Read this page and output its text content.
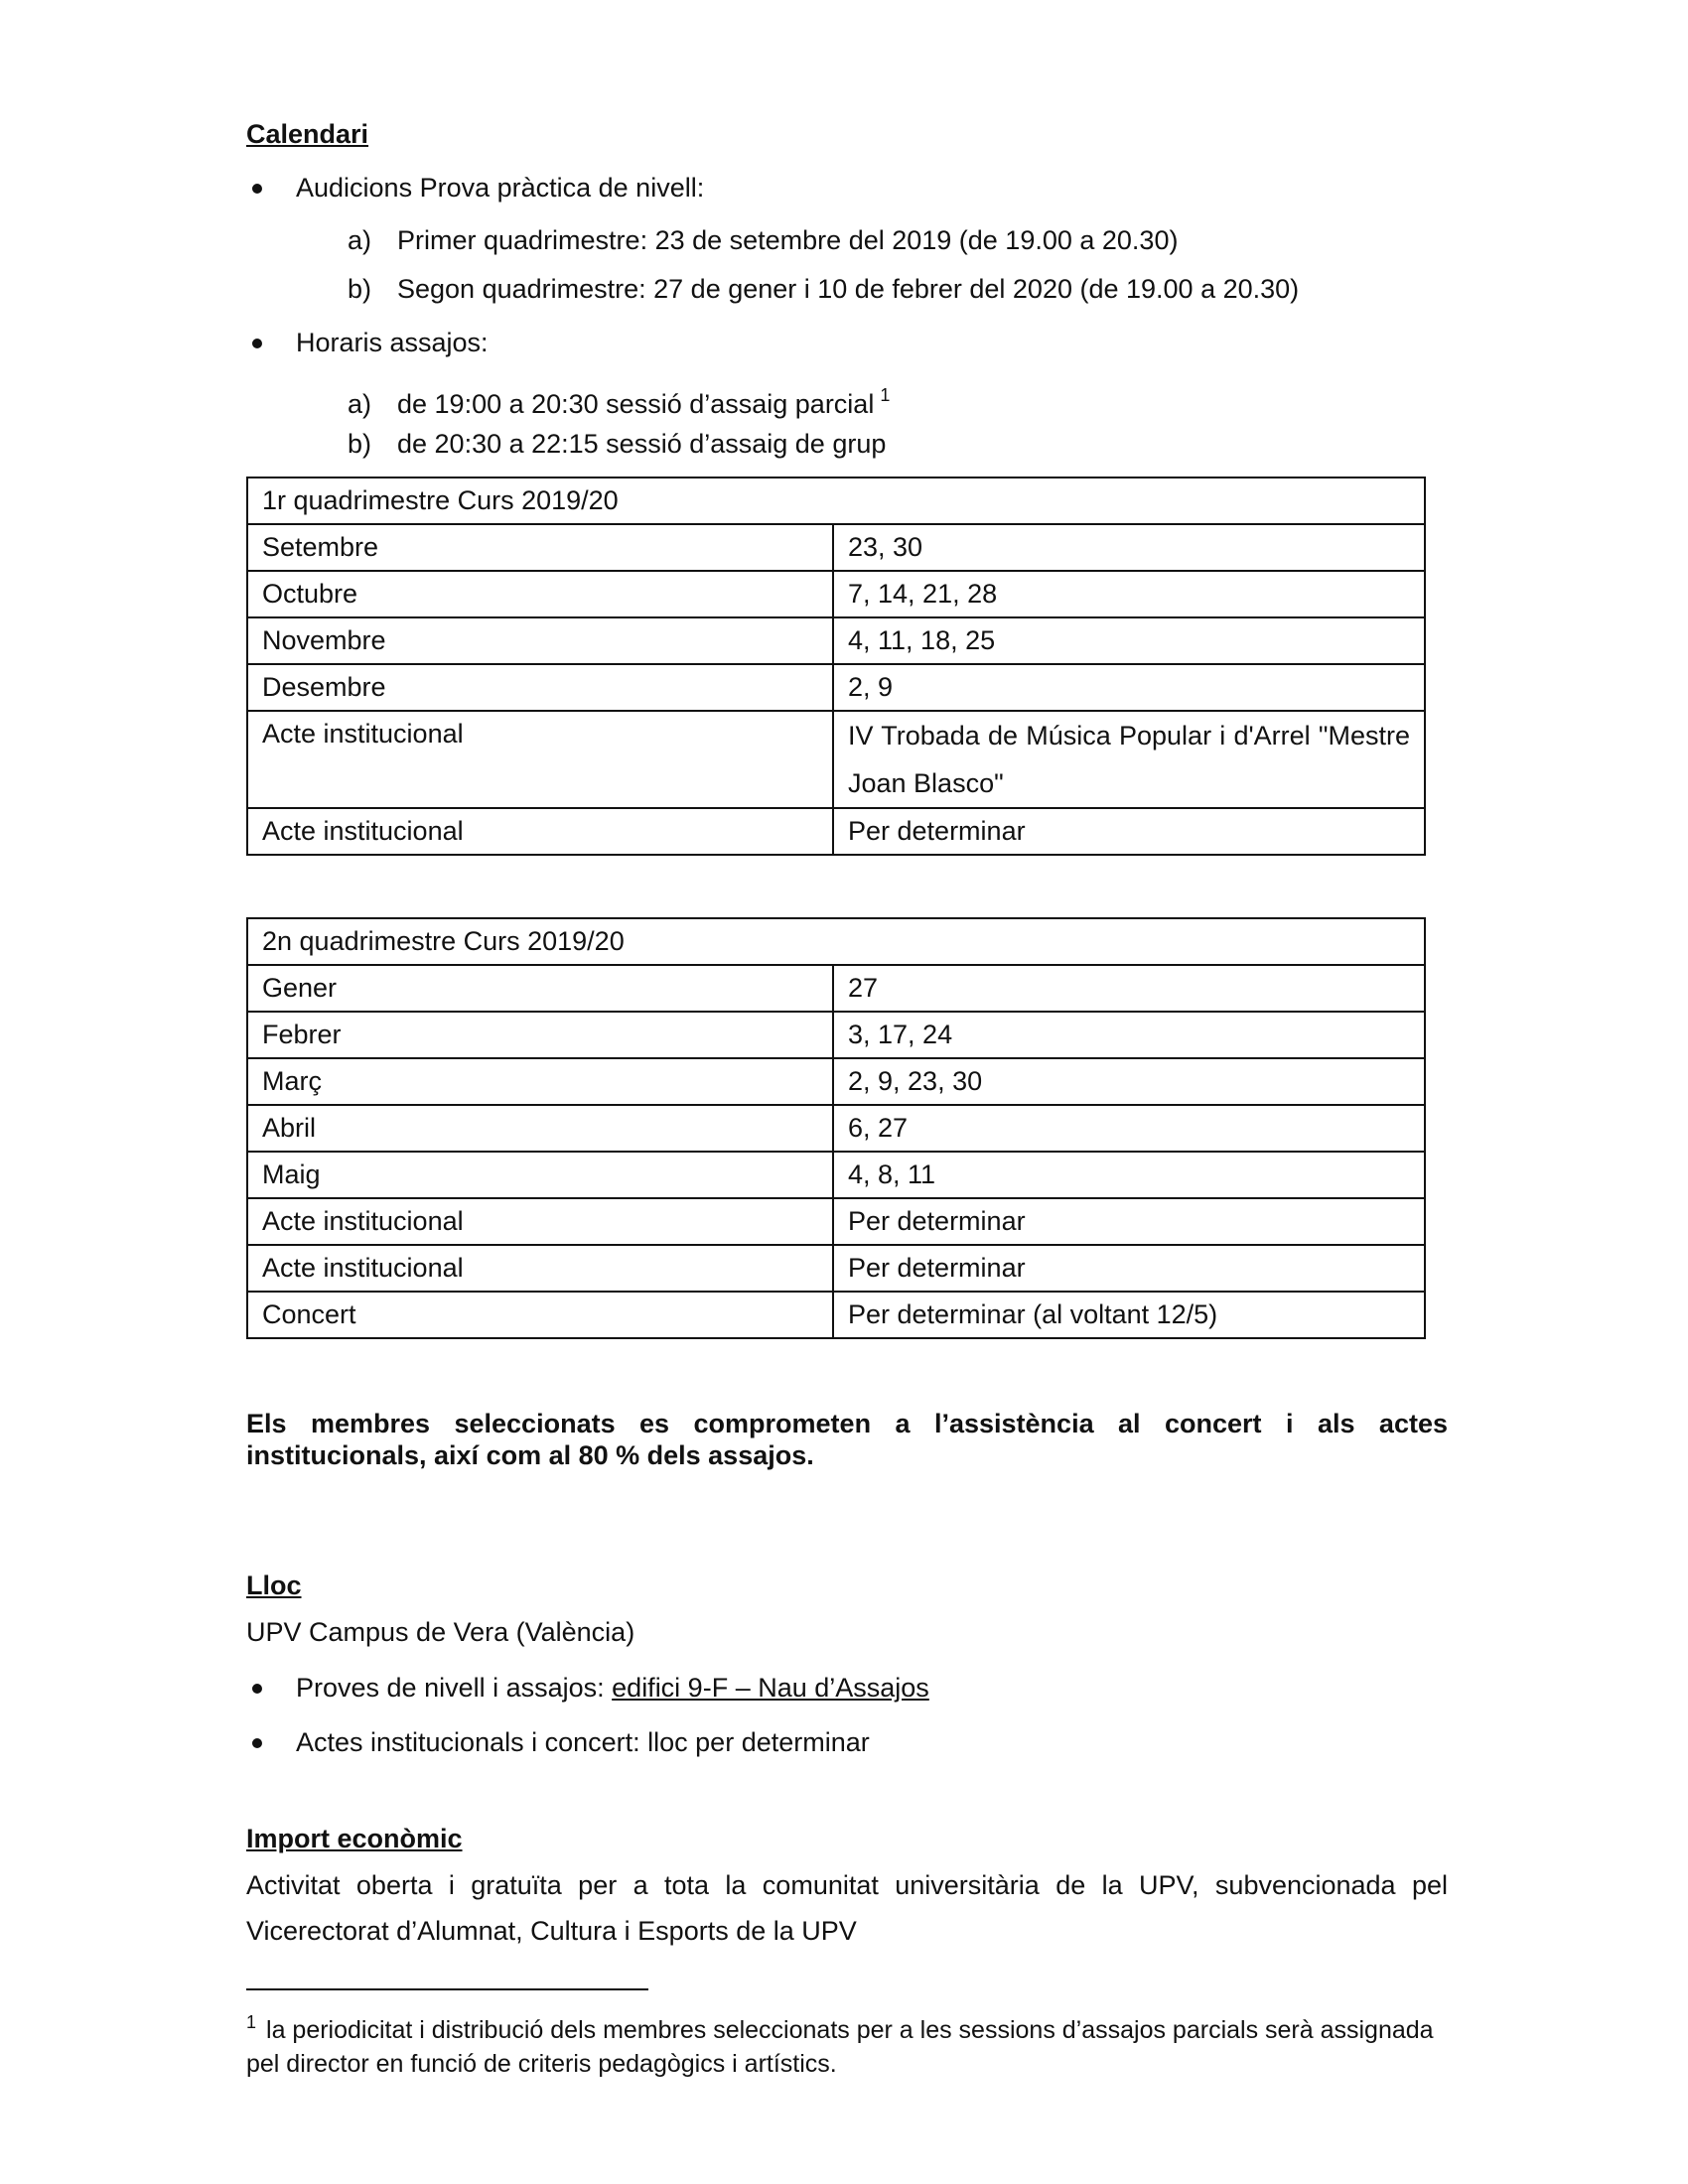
Calendari
Audicions Prova pràctica de nivell:
a) Primer quadrimestre: 23 de setembre del 2019 (de 19.00 a 20.30)
b) Segon quadrimestre: 27 de gener i 10 de febrer del 2020 (de 19.00 a 20.30)
Horaris assajos:
a) de 19:00 a 20:30 sessió d’assaig parcial $^1$
b) de 20:30 a 22:15 sessió d’assaig de grup
1r quadrimestre Curs 2019/20	
Setembre	23, 30
Octubre	7, 14, 21, 28
Novembre	4, 11, 18, 25
Desembre	2, 9
Acte institucional	IV Trobada de Música Popular i d'Arrel "Mestre Joan Blasco"
Acte institucional	Per determinar
2n quadrimestre Curs 2019/20	
Gener	27
Febrer	3, 17, 24
Març	2, 9, 23, 30
Abril	6, 27
Maig	4, 8, 11
Acte institucional	Per determinar
Acte institucional	Per determinar
Concert	Per determinar (al voltant 12/5)
Els membres seleccionats es comprometen a l’assistència al concert i als actes institucionals, així com al 80 % dels assajos.
Lloc
UPV Campus de Vera (València)
Proves de nivell i assajos: edifici 9-F – Nau d’Assajos
Actes institucionals i concert: lloc per determinar
Import econòmic
Activitat oberta i gratuïta per a tota la comunitat universitària de la UPV, subvencionada pel Vicerectorat d’Alumnat, Cultura i Esports de la UPV
$^1$ la periodicitat i distribució dels membres seleccionats per a les sessions d’assajos parcials serà assignada pel director en funció de criteris pedagògics i artístics.
